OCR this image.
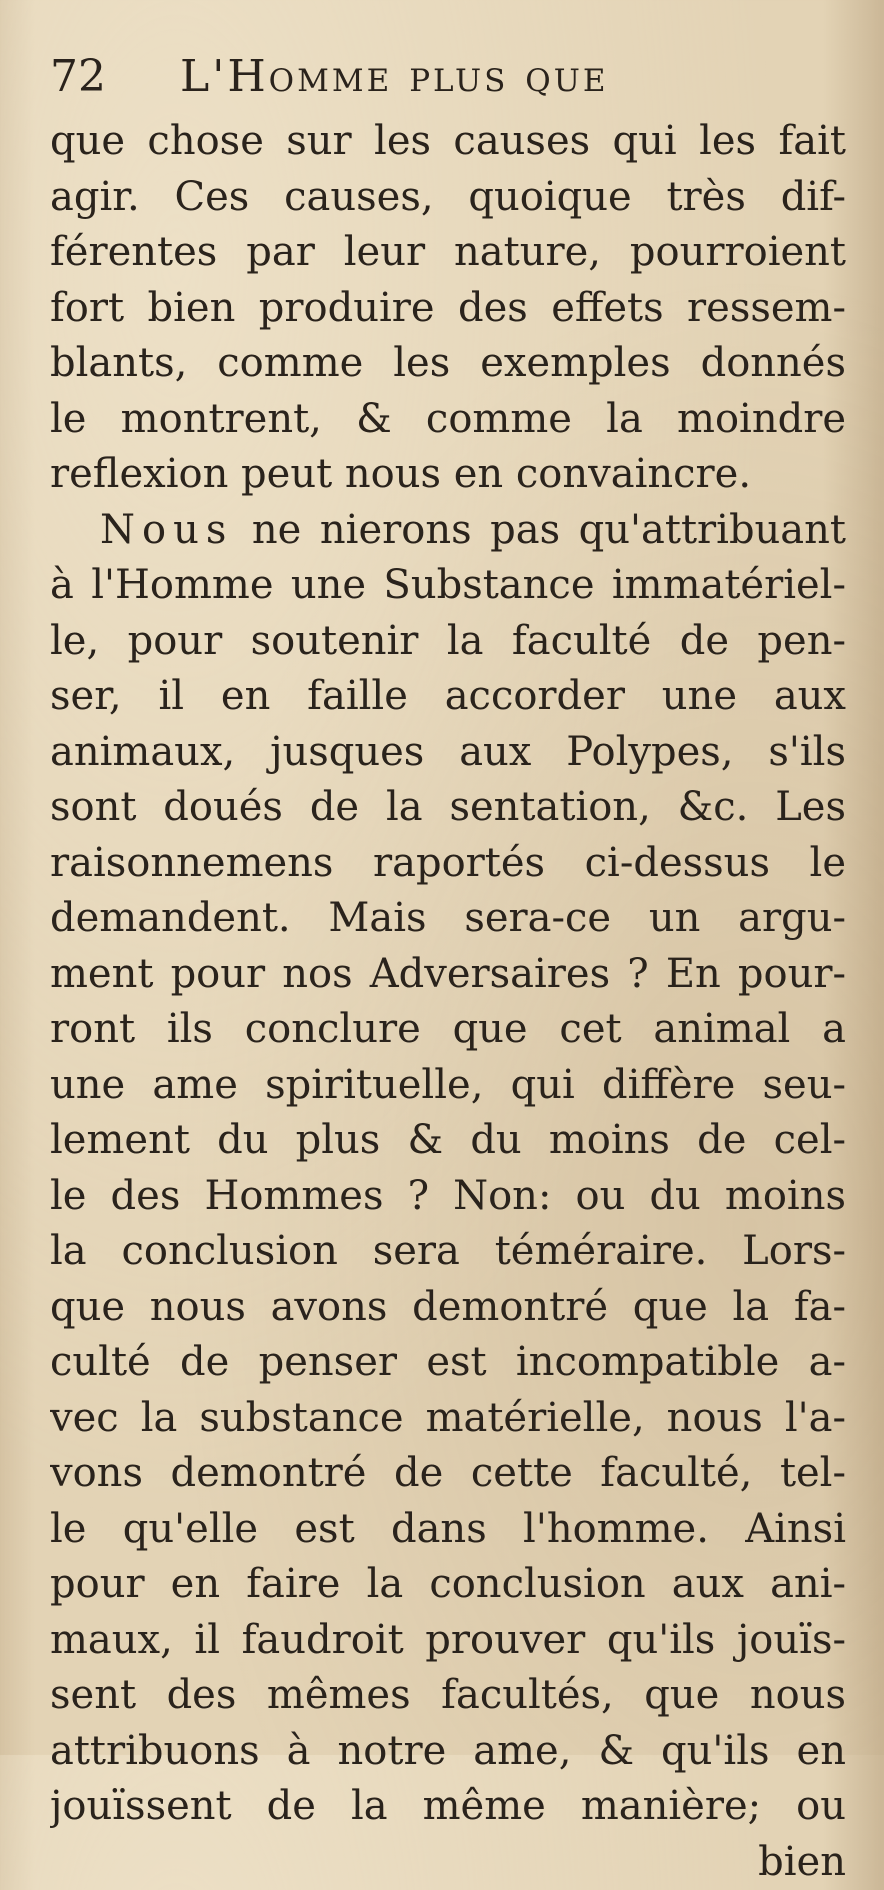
72 L'Homme plus que
que chose sur les causes qui les fait
agir. Ces causes, quoique très dif-
férentes par leur nature, pourroient
fort bien produire des effets ressem-
blants, comme les exemples donnés
le montrent, & comme la moindre
reflexion peut nous en convaincre.
Nous ne nierons pas qu'attribuant
à l'Homme une Substance immatériel-
le, pour soutenir la faculté de pen-
ser, il en faille accorder une aux
animaux, jusques aux Polypes, s'ils
sont doués de la sentation, &c. Les
raisonnemens raportés ci-dessus le
demandent. Mais sera-ce un argu-
ment pour nos Adversaires ? En pour-
ront ils conclure que cet animal a
une ame spirituelle, qui diffère seu-
lement du plus & du moins de cel-
le des Hommes ? Non: ou du moins
la conclusion sera téméraire. Lors-
que nous avons demontré que la fa-
culté de penser est incompatible a-
vec la substance matérielle, nous l'a-
vons demontré de cette faculté, tel-
le qu'elle est dans l'homme. Ainsi
pour en faire la conclusion aux ani-
maux, il faudroit prouver qu'ils jouïs-
sent des mêmes facultés, que nous
attribuons à notre ame, & qu'ils en
jouïssent de la même manière; ou
bien
